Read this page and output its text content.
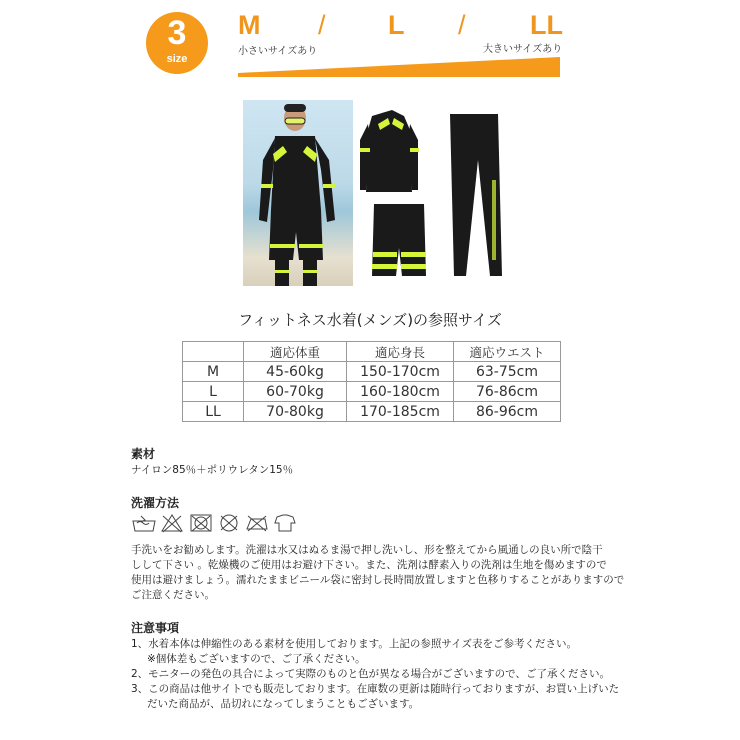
3
size
M / L / LL
小さいサイズあり	大きいサイズあり
フィットネス水着(メンズ)の参照サイズ
	適応体重	適応身長	適応ウエスト
M	45-60kg	150-170cm	63-75cm
L	60-70kg	160-180cm	76-86cm
LL	70-80kg	170-185cm	86-96cm
素材
ナイロン85％＋ポリウレタン15％
洗濯方法
手洗いをお勧めします。洗濯は水又はぬるま湯で押し洗いし、形を整えてから風通しの良い所で陰干
しして下さい 。乾燥機のご使用はお避け下さい。また、洗剤は酵素入りの洗剤は生地を傷めますので
使用は避けましょう。濡れたままビニール袋に密封し長時間放置しますと色移りすることがありますので
ご注意ください。
注意事項
1、水着本体は伸縮性のある素材を使用しております。上記の参照サイズ表をご参考ください。
※個体差もございますので、ご了承ください。
2、モニターの発色の具合によって実際のものと色が異なる場合がございますので、ご了承ください。
3、この商品は他サイトでも販売しております。在庫数の更新は随時行っておりますが、お買い上げいた
だいた商品が、品切れになってしまうこともございます。
